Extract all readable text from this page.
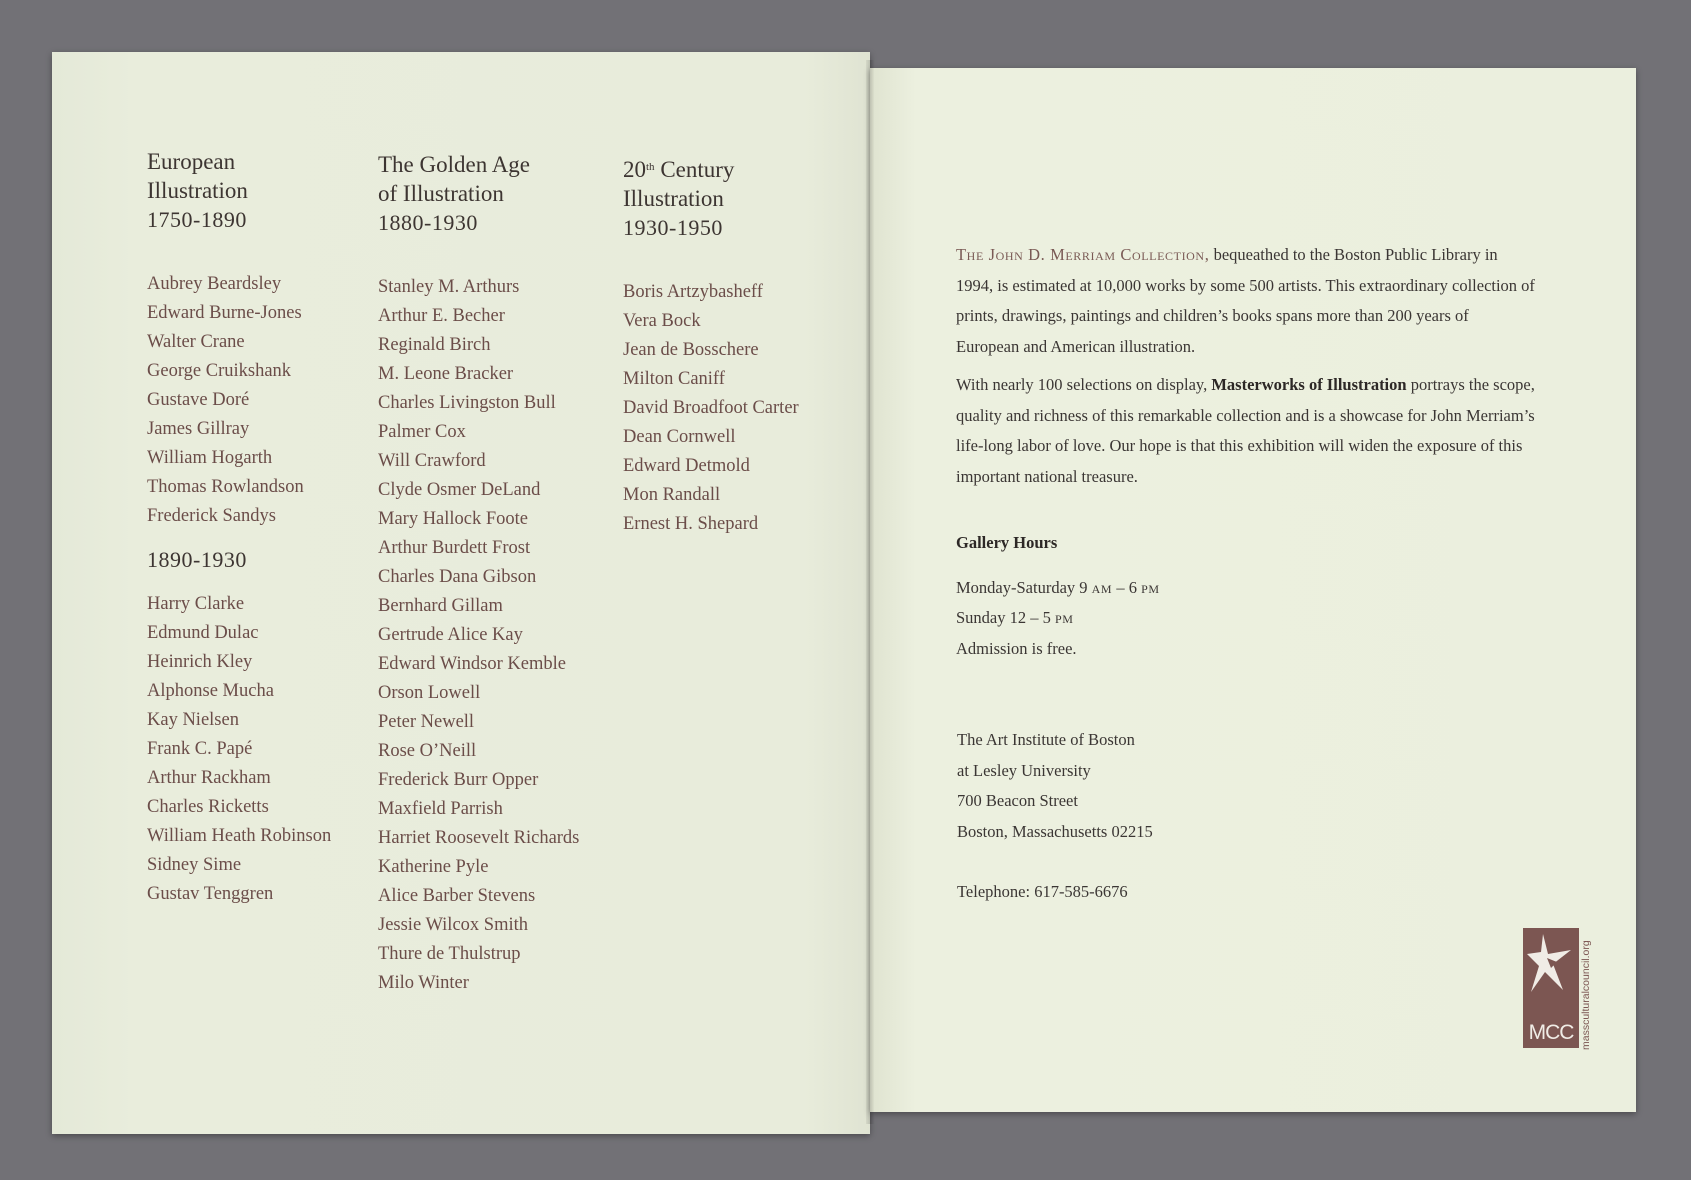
European
Illustration
1750-1890
Aubrey Beardsley
Edward Burne-Jones
Walter Crane
George Cruikshank
Gustave Doré
James Gillray
William Hogarth
Thomas Rowlandson
Frederick Sandys
1890-1930
Harry Clarke
Edmund Dulac
Heinrich Kley
Alphonse Mucha
Kay Nielsen
Frank C. Papé
Arthur Rackham
Charles Ricketts
William Heath Robinson
Sidney Sime
Gustav Tenggren
The Golden Age
of Illustration
1880-1930
Stanley M. Arthurs
Arthur E. Becher
Reginald Birch
M. Leone Bracker
Charles Livingston Bull
Palmer Cox
Will Crawford
Clyde Osmer DeLand
Mary Hallock Foote
Arthur Burdett Frost
Charles Dana Gibson
Bernhard Gillam
Gertrude Alice Kay
Edward Windsor Kemble
Orson Lowell
Peter Newell
Rose O’Neill
Frederick Burr Opper
Maxfield Parrish
Harriet Roosevelt Richards
Katherine Pyle
Alice Barber Stevens
Jessie Wilcox Smith
Thure de Thulstrup
Milo Winter
20th Century
Illustration
1930-1950
Boris Artzybasheff
Vera Bock
Jean de Bosschere
Milton Caniff
David Broadfoot Carter
Dean Cornwell
Edward Detmold
Mon Randall
Ernest H. Shepard

The John D. Merriam Collection, bequeathed to the Boston Public Library in 1994, is estimated at 10,000 works by some 500 artists. This extraordinary collection of prints, drawings, paintings and children’s books spans more than 200 years of European and American illustration.

With nearly 100 selections on display, Masterworks of Illustration portrays the scope, quality and richness of this remarkable collection and is a showcase for John Merriam’s life-long labor of love. Our hope is that this exhibition will widen the exposure of this important national treasure.

Gallery Hours

Monday-Saturday 9 am – 6 pm

Sunday 12 – 5 pm

Admission is free.

The Art Institute of Boston

at Lesley University

700 Beacon Street

Boston, Massachusetts 02215

Telephone: 617-585-6676

MCC massculturalcouncil.org
